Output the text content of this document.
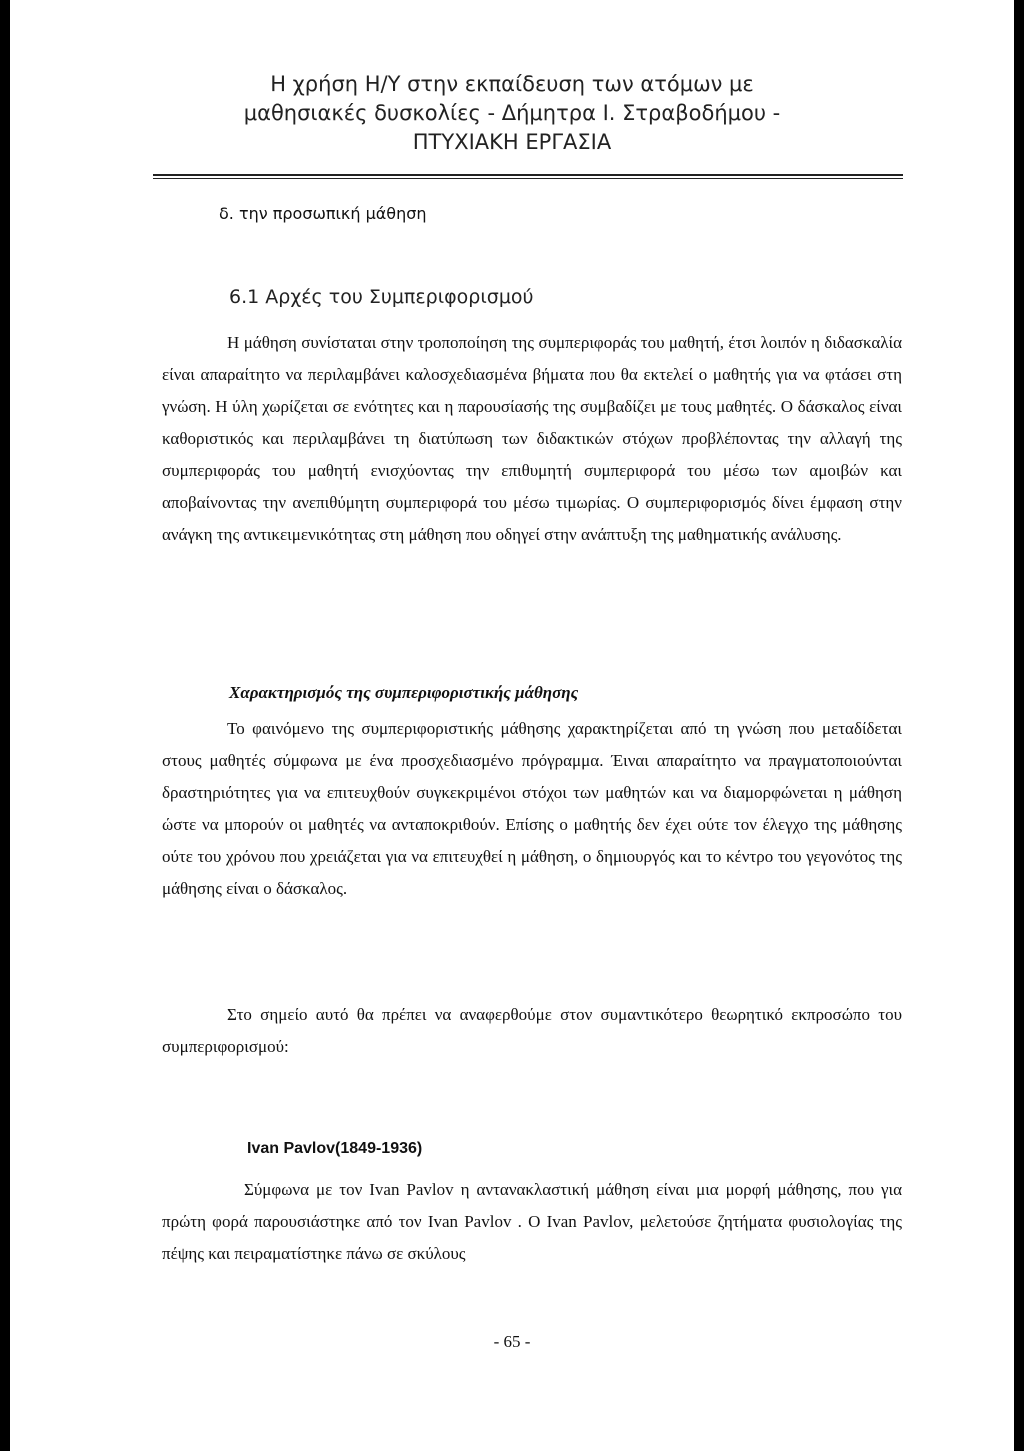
Η χρήση Η/Υ στην εκπαίδευση των ατόμων με
μαθησιακές δυσκολίες - Δήμητρα Ι. Στραβοδήμου -
ΠΤΥΧΙΑΚΗ ΕΡΓΑΣΙΑ
δ. την προσωπική μάθηση
6.1 Αρχές του Συμπεριφορισμού
Η μάθηση συνίσταται στην τροποποίηση της συμπεριφοράς του μαθητή, έτσι λοιπόν η διδασκαλία είναι απαραίτητο να περιλαμβάνει καλοσχεδιασμένα βήματα που θα εκτελεί ο μαθητής για να φτάσει στη γνώση. Η ύλη χωρίζεται σε ενότητες και η παρουσίασής της συμβαδίζει με τους μαθητές. Ο δάσκαλος είναι καθοριστικός και περιλαμβάνει τη διατύπωση των διδακτικών στόχων προβλέποντας την αλλαγή της συμπεριφοράς του μαθητή ενισχύοντας την επιθυμητή συμπεριφορά του μέσω των αμοιβών και αποβαίνοντας την ανεπιθύμητη συμπεριφορά του μέσω τιμωρίας. Ο συμπεριφορισμός δίνει έμφαση στην ανάγκη της αντικειμενικότητας στη μάθηση που οδηγεί στην ανάπτυξη της μαθηματικής ανάλυσης.
Χαρακτηρισμός της συμπεριφοριστικής μάθησης
Το φαινόμενο της συμπεριφοριστικής μάθησης χαρακτηρίζεται από τη γνώση που μεταδίδεται στους μαθητές σύμφωνα με ένα προσχεδιασμένο πρόγραμμα. Έιναι απαραίτητο να πραγματοποιούνται δραστηριότητες για να επιτευχθούν συγκεκριμένοι στόχοι των μαθητών και να διαμορφώνεται η μάθηση ώστε να μπορούν οι μαθητές να ανταποκριθούν. Επίσης ο μαθητής δεν έχει ούτε τον έλεγχο της μάθησης ούτε του χρόνου που χρειάζεται για να επιτευχθεί η μάθηση, ο δημιουργός και το κέντρο του γεγονότος της μάθησης είναι ο δάσκαλος.
Στο σημείο αυτό θα πρέπει να αναφερθούμε στον συμαντικότερο θεωρητικό εκπροσώπο του συμπεριφορισμού:
Ivan Pavlov(1849-1936)
Σύμφωνα με τον Ivan Pavlov η αντανακλαστική μάθηση είναι μια μορφή μάθησης, που για πρώτη φορά παρουσιάστηκε από τον Ivan Pavlov . Ο Ivan Pavlov, μελετούσε ζητήματα φυσιολογίας της πέψης και πειραματίστηκε πάνω σε σκύλους
- 65 -
